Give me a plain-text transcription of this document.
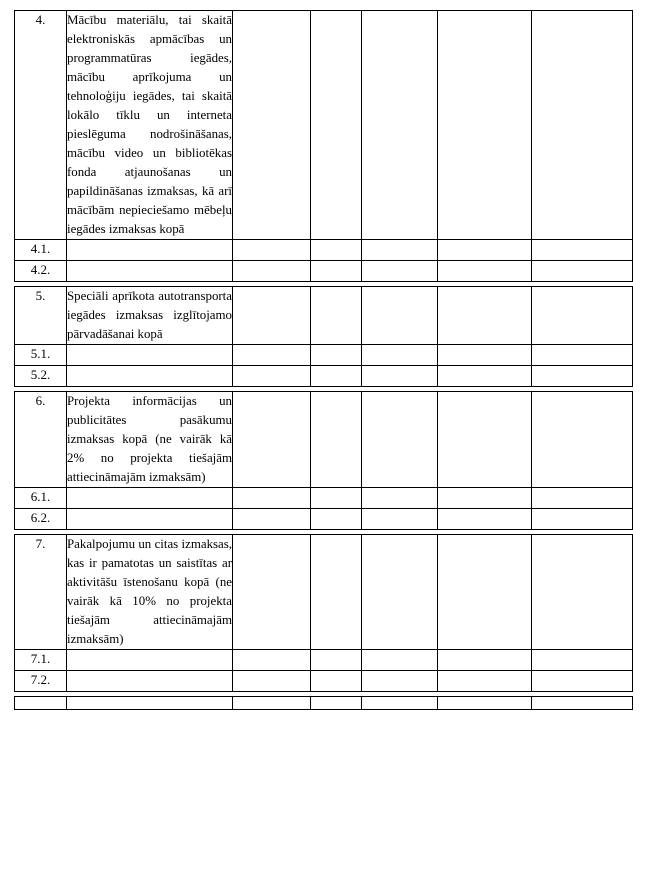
4.	Mācību materiālu, tai skaitā elektroniskās apmācības un programmatūras iegādes, mācību aprīkojuma un tehnoloģiju iegādes, tai skaitā lokālo tīklu un interneta pieslēguma nodrošināšanas, mācību video un bibliotēkas fonda atjaunošanas un papildināšanas izmaksas, kā arī mācībām nepieciešamo mēbeļu iegādes izmaksas kopā					
4.1.						
4.2.						
5.	Speciāli aprīkota autotransporta iegādes izmaksas izglītojamo pārvadāšanai kopā					
5.1.						
5.2.						
6.	Projekta informācijas un publicitātes pasākumu izmaksas kopā (ne vairāk kā 2% no projekta tiešajām attiecināmajām izmaksām)					
6.1.						
6.2.						
7.	Pakalpojumu un citas izmaksas, kas ir pamatotas un saistītas ar aktivitāšu īstenošanu kopā (ne vairāk kā 10% no projekta tiešajām attiecināmajām izmaksām)					
7.1.						
7.2.						
